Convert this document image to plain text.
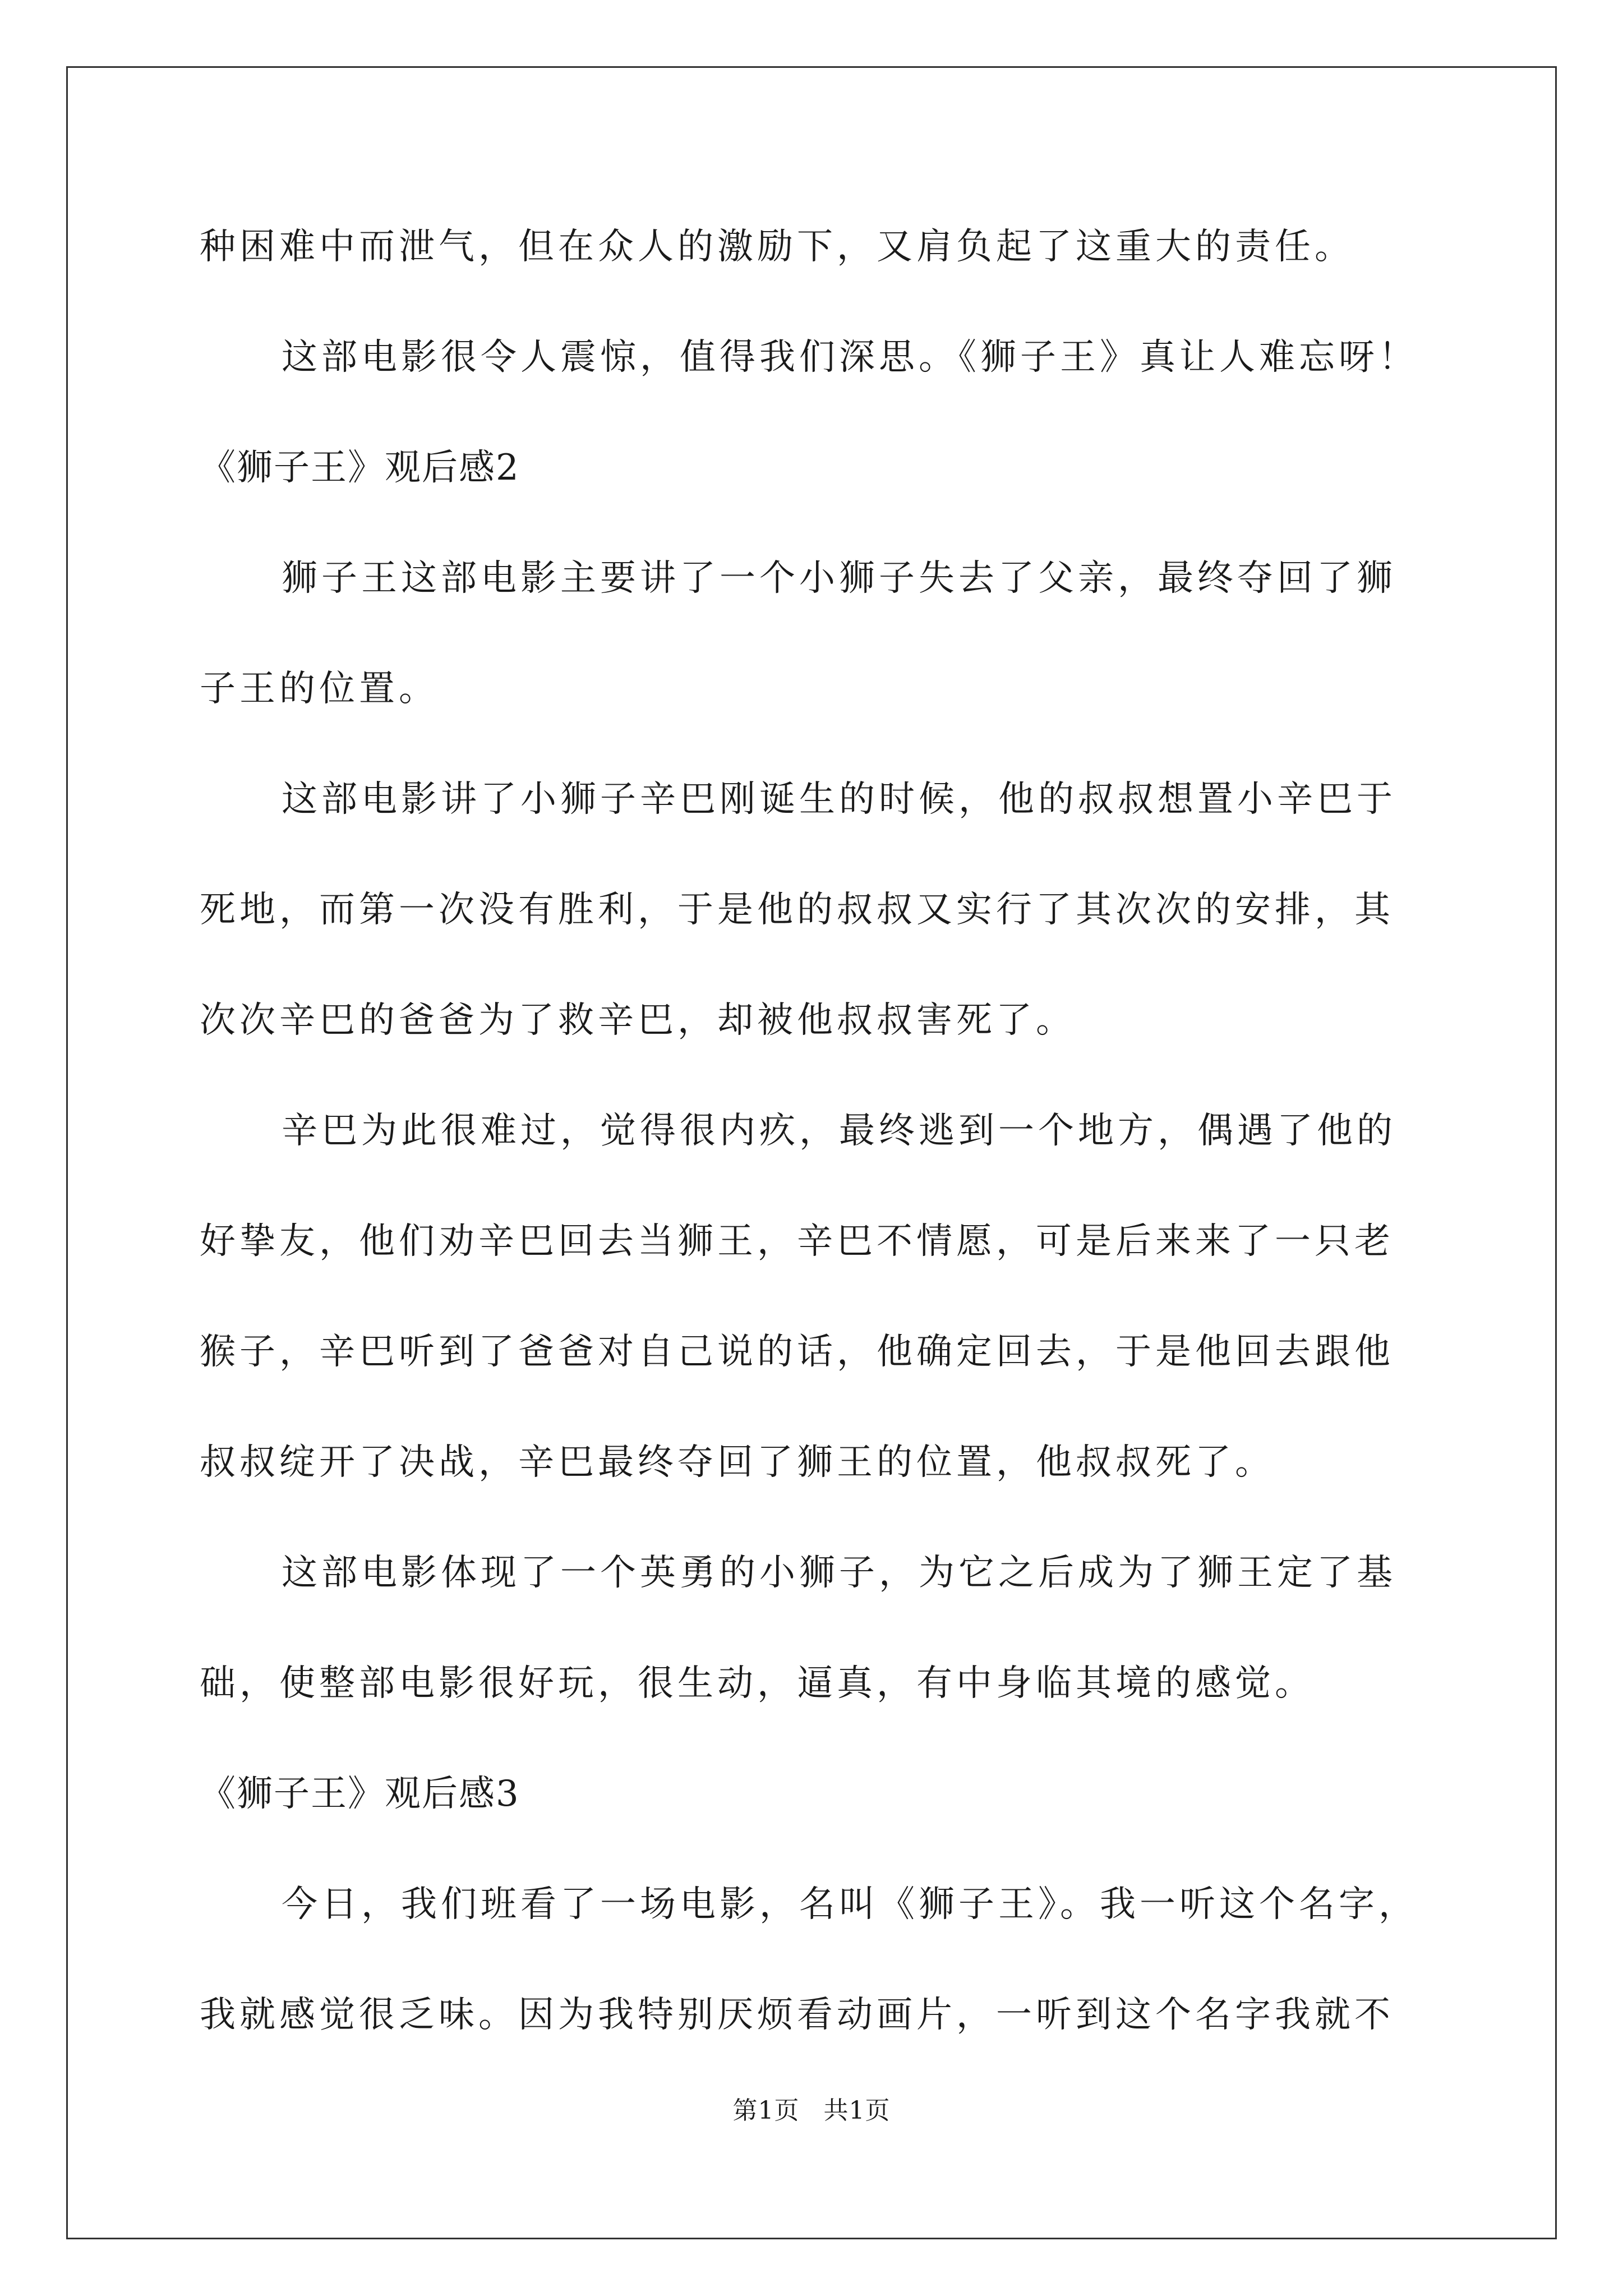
种困难中而泄气，但在众人的激励下，又肩负起了这重大的责任。
这部电影很令人震惊，值得我们深思。《狮子王》真让人难忘呀！
《狮子王》观后感2
狮子王这部电影主要讲了一个小狮子失去了父亲，最终夺回了狮
子王的位置。
这部电影讲了小狮子辛巴刚诞生的时候，他的叔叔想置小辛巴于
死地，而第一次没有胜利，于是他的叔叔又实行了其次次的安排，其
次次辛巴的爸爸为了救辛巴，却被他叔叔害死了。
辛巴为此很难过，觉得很内疚，最终逃到一个地方，偶遇了他的
好挚友，他们劝辛巴回去当狮王，辛巴不情愿，可是后来来了一只老
猴子，辛巴听到了爸爸对自己说的话，他确定回去，于是他回去跟他
叔叔绽开了决战，辛巴最终夺回了狮王的位置，他叔叔死了。
这部电影体现了一个英勇的小狮子，为它之后成为了狮王定了基
础，使整部电影很好玩，很生动，逼真，有中身临其境的感觉。
《狮子王》观后感3
今日，我们班看了一场电影，名叫《狮子王》。我一听这个名字，
我就感觉很乏味。因为我特别厌烦看动画片，一听到这个名字我就不
第1页 共1页
